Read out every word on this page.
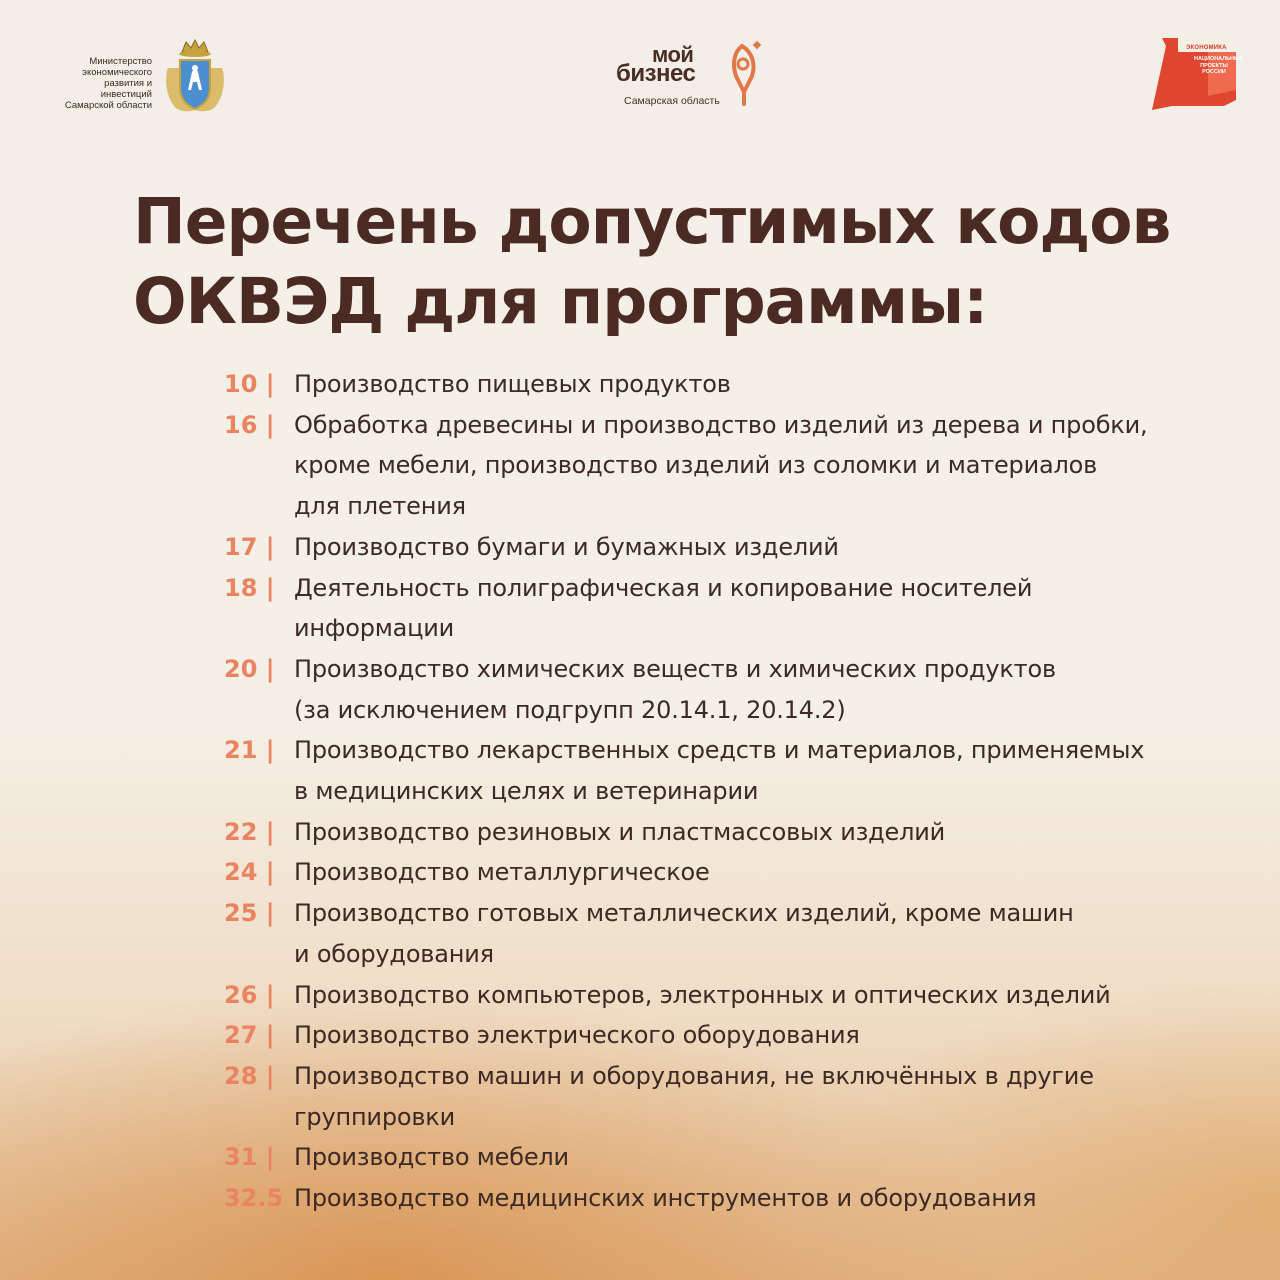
Министерство
экономического
развития и инвестиций
Самарской области
мой
бизнес
Самарская область
ЭКОНОМИКА
НАЦИОНАЛЬНЫЕ
ПРОЕКТЫ
РОССИИ
Перечень допустимых кодов
ОКВЭД для программы:
10 | Производство пищевых продуктов
16 | Обработка древесины и производство изделий из дерева и пробки,
кроме мебели, производство изделий из соломки и материалов
для плетения
17 | Производство бумаги и бумажных изделий
18 | Деятельность полиграфическая и копирование носителей
информации
20 | Производство химических веществ и химических продуктов
(за исключением подгрупп 20.14.1, 20.14.2)
21 | Производство лекарственных средств и материалов, применяемых
в медицинских целях и ветеринарии
22 | Производство резиновых и пластмассовых изделий
24 | Производство металлургическое
25 | Производство готовых металлических изделий, кроме машин
и оборудования
26 | Производство компьютеров, электронных и оптических изделий
27 | Производство электрического оборудования
28 | Производство машин и оборудования, не включённых в другие
группировки
31 | Производство мебели
32.5 Производство медицинских инструментов и оборудования
